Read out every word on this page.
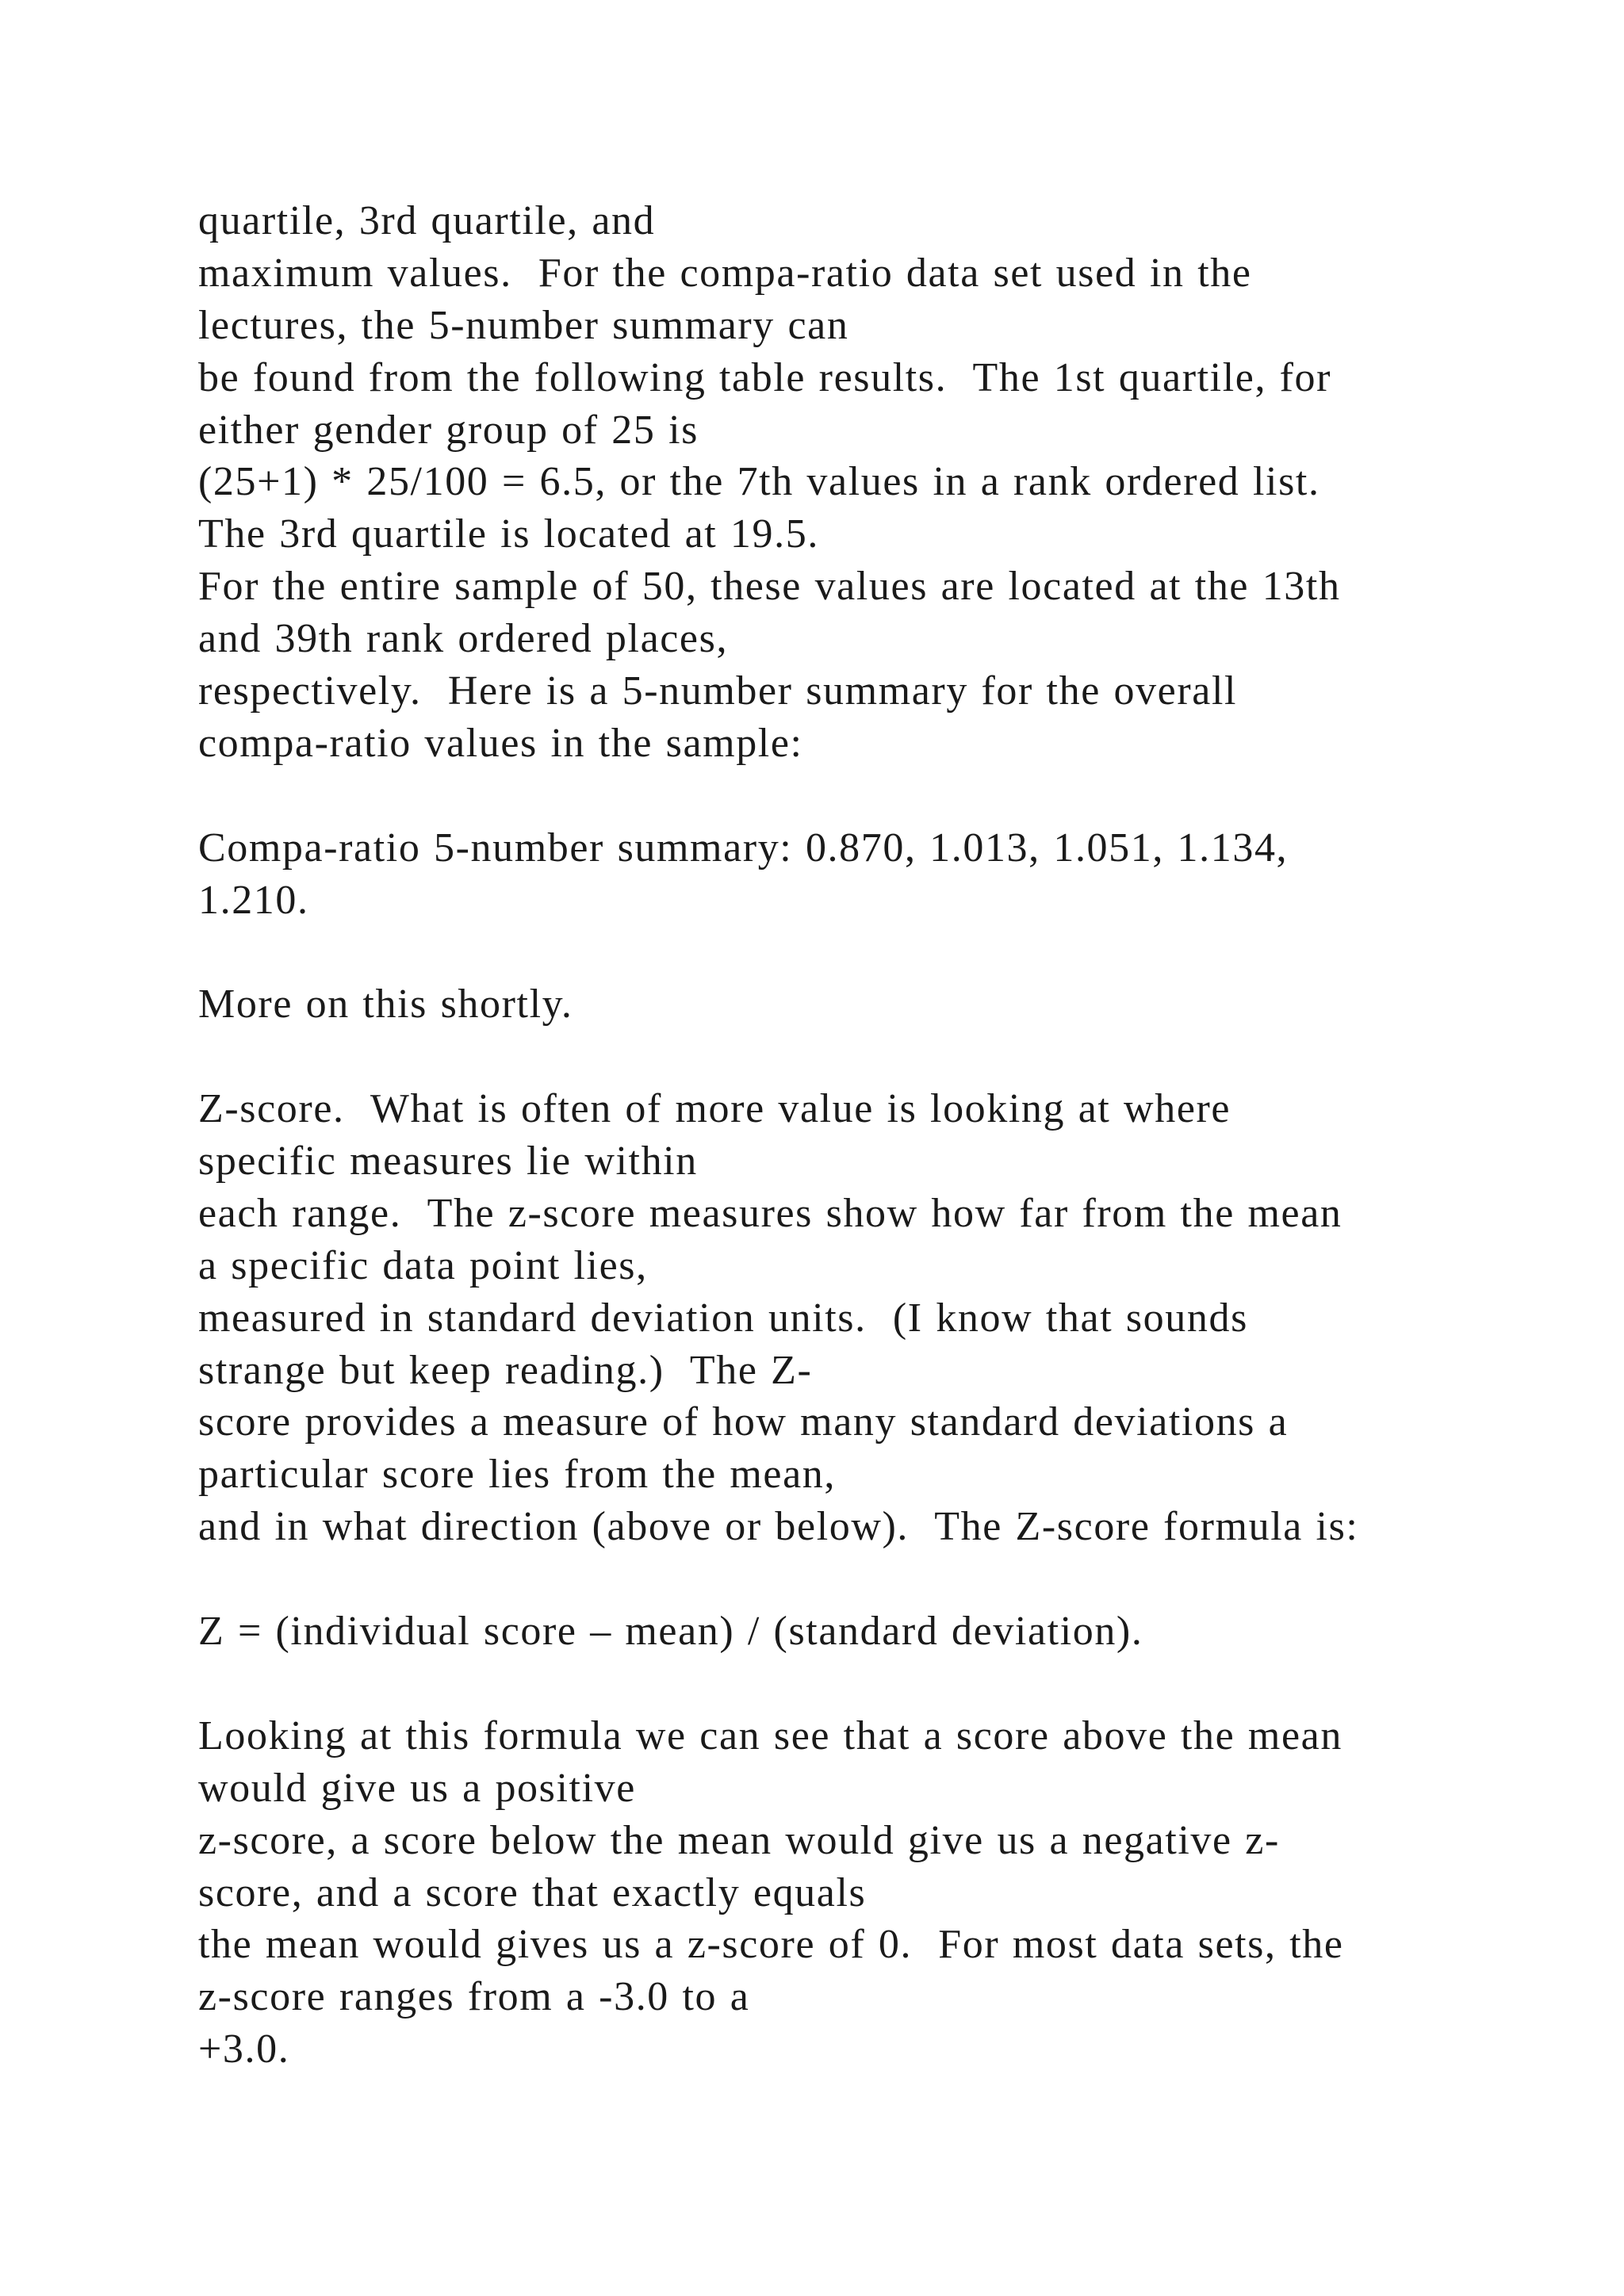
quartile, 3rd quartile, and
maximum values.  For the compa-ratio data set used in the
lectures, the 5-number summary can
be found from the following table results.  The 1st quartile, for
either gender group of 25 is
(25+1) * 25/100 = 6.5, or the 7th values in a rank ordered list.
The 3rd quartile is located at 19.5.
For the entire sample of 50, these values are located at the 13th
and 39th rank ordered places,
respectively.  Here is a 5-number summary for the overall
compa-ratio values in the sample:
Compa-ratio 5-number summary: 0.870, 1.013, 1.051, 1.134,
1.210.
More on this shortly.
Z-score.  What is often of more value is looking at where
specific measures lie within
each range.  The z-score measures show how far from the mean
a specific data point lies,
measured in standard deviation units.  (I know that sounds
strange but keep reading.)  The Z-
score provides a measure of how many standard deviations a
particular score lies from the mean,
and in what direction (above or below).  The Z-score formula is:
Z = (individual score – mean) / (standard deviation).
Looking at this formula we can see that a score above the mean
would give us a positive
z-score, a score below the mean would give us a negative z-
score, and a score that exactly equals
the mean would gives us a z-score of 0.  For most data sets, the
z-score ranges from a -3.0 to a
+3.0.
